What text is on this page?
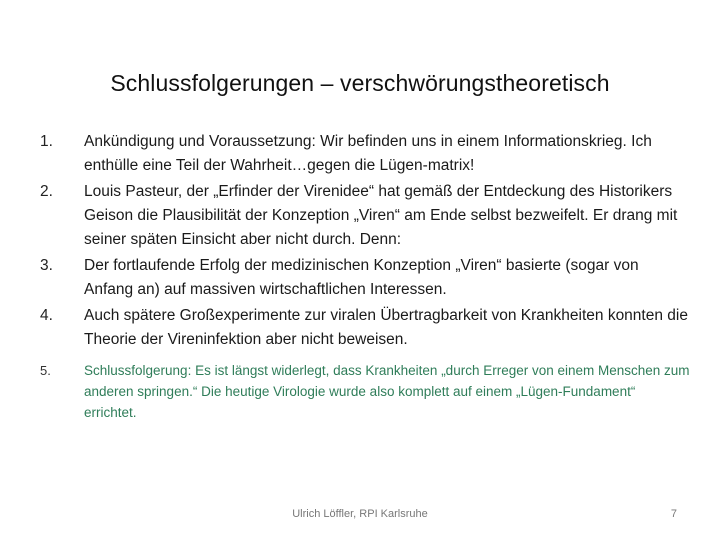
Schlussfolgerungen – verschwörungstheoretisch
1.	Ankündigung und Voraussetzung: Wir befinden uns in einem Informationskrieg. Ich enthülle eine Teil der Wahrheit…gegen die Lügen-matrix!
2.	Louis Pasteur, der „Erfinder der Virenidee“ hat gemäß der Entdeckung des Historikers Geison die Plausibilität der Konzeption „Viren“ am Ende selbst bezweifelt. Er drang mit seiner späten Einsicht aber nicht durch. Denn:
3.	Der fortlaufende Erfolg der medizinischen Konzeption „Viren“ basierte (sogar von Anfang an) auf massiven wirtschaftlichen Interessen.
4.	Auch spätere Großexperimente zur viralen Übertragbarkeit von Krankheiten konnten die Theorie der Vireninfektion aber nicht beweisen.
5.	Schlussfolgerung: Es ist längst widerlegt, dass Krankheiten „durch Erreger von einem Menschen zum anderen springen.“ Die heutige Virologie wurde also komplett auf einem „Lügen-Fundament“ errichtet.
Ulrich Löffler, RPI Karlsruhe	7
